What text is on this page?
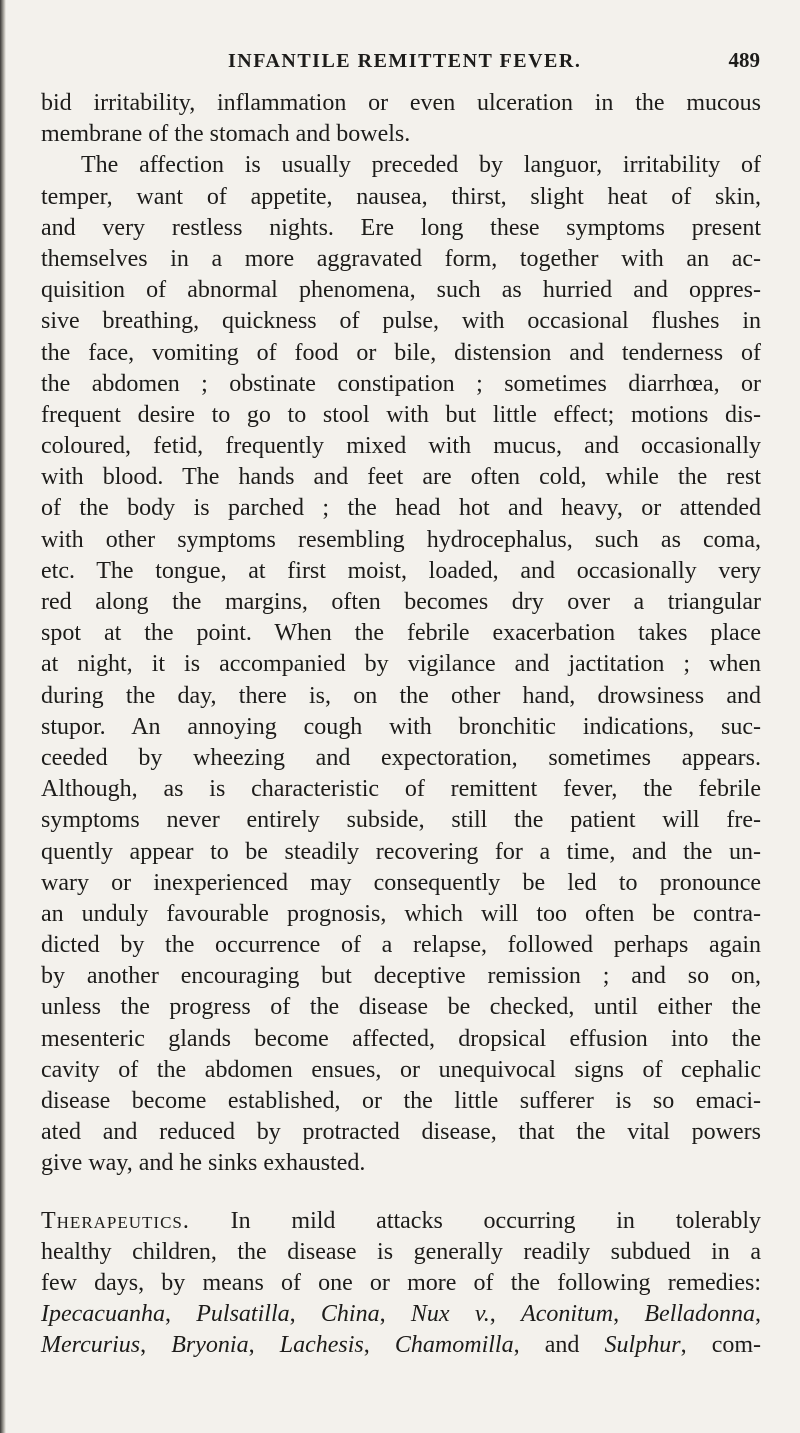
INFANTILE REMITTENT FEVER.	489
bid irritability, inflammation or even ulceration in the mucous
membrane of the stomach and bowels.
The affection is usually preceded by languor, irritability of
temper, want of appetite, nausea, thirst, slight heat of skin,
and very restless nights. Ere long these symptoms present
themselves in a more aggravated form, together with an ac-
quisition of abnormal phenomena, such as hurried and oppres-
sive breathing, quickness of pulse, with occasional flushes in
the face, vomiting of food or bile, distension and tenderness of
the abdomen ; obstinate constipation ; sometimes diarrhœa, or
frequent desire to go to stool with but little effect; motions dis-
coloured, fetid, frequently mixed with mucus, and occasionally
with blood. The hands and feet are often cold, while the rest
of the body is parched ; the head hot and heavy, or attended
with other symptoms resembling hydrocephalus, such as coma,
etc. The tongue, at first moist, loaded, and occasionally very
red along the margins, often becomes dry over a triangular
spot at the point. When the febrile exacerbation takes place
at night, it is accompanied by vigilance and jactitation ; when
during the day, there is, on the other hand, drowsiness and
stupor. An annoying cough with bronchitic indications, suc-
ceeded by wheezing and expectoration, sometimes appears.
Although, as is characteristic of remittent fever, the febrile
symptoms never entirely subside, still the patient will fre-
quently appear to be steadily recovering for a time, and the un-
wary or inexperienced may consequently be led to pronounce
an unduly favourable prognosis, which will too often be contra-
dicted by the occurrence of a relapse, followed perhaps again
by another encouraging but deceptive remission ; and so on,
unless the progress of the disease be checked, until either the
mesenteric glands become affected, dropsical effusion into the
cavity of the abdomen ensues, or unequivocal signs of cephalic
disease become established, or the little sufferer is so emaci-
ated and reduced by protracted disease, that the vital powers
give way, and he sinks exhausted.
Therapeutics. In mild attacks occurring in tolerably
healthy children, the disease is generally readily subdued in a
few days, by means of one or more of the following remedies:
Ipecacuanha, Pulsatilla, China, Nux v., Aconitum, Belladonna,
Mercurius, Bryonia, Lachesis, Chamomilla, and Sulphur, com-
